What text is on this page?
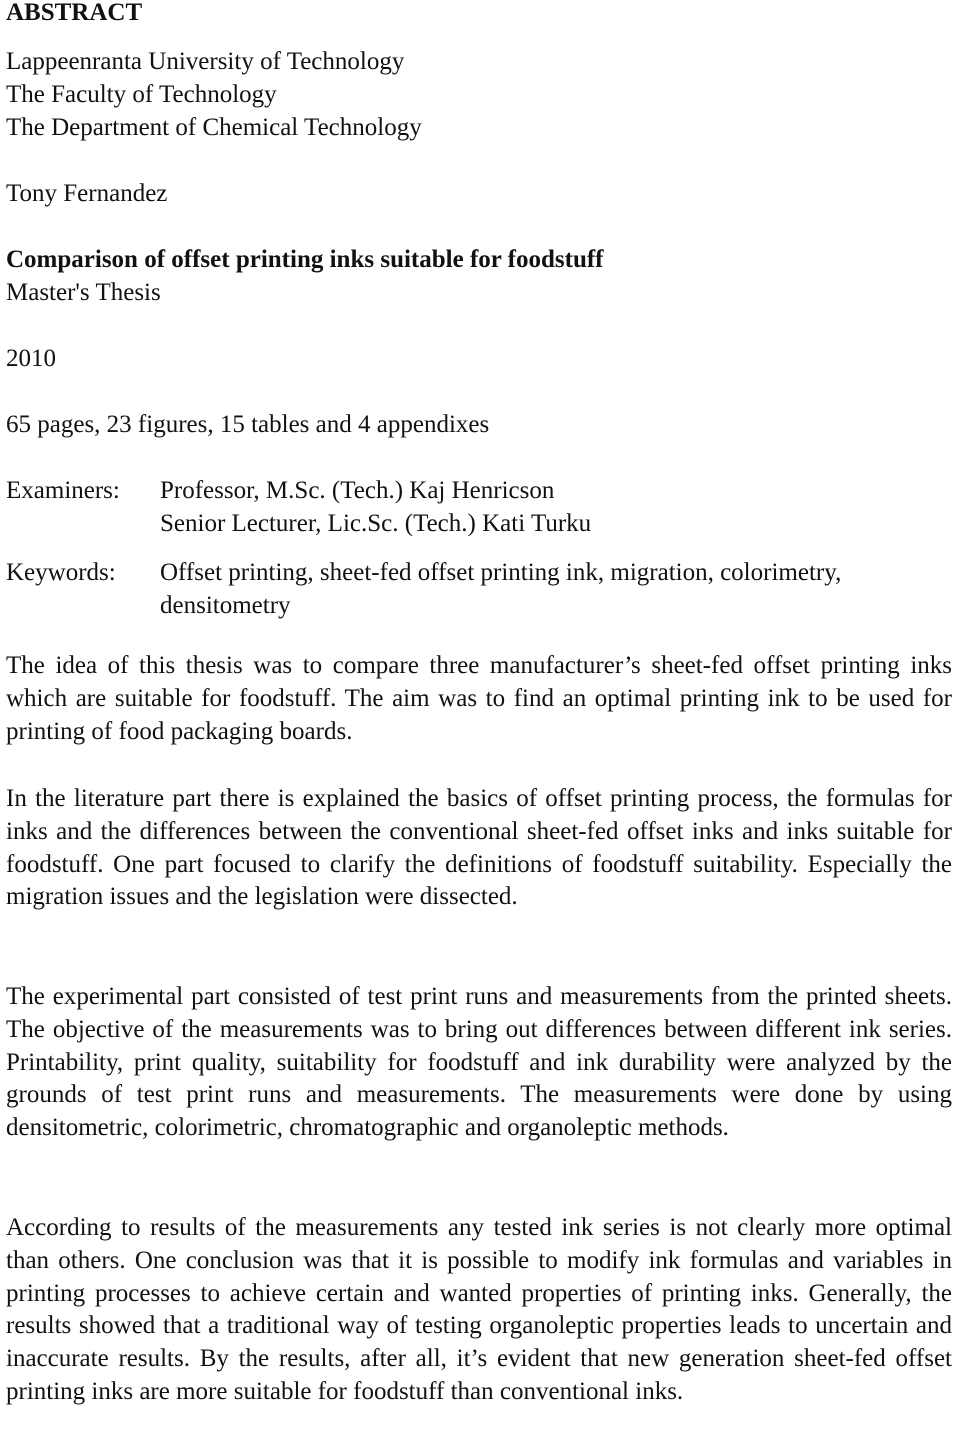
ABSTRACT
Lappeenranta University of Technology
The Faculty of Technology
The Department of Chemical Technology
Tony Fernandez
Comparison of offset printing inks suitable for foodstuff
Master's Thesis
2010
65 pages, 23 figures, 15 tables and 4 appendixes
Examiners:	Professor, M.Sc. (Tech.) Kaj Henricson
Senior Lecturer, Lic.Sc. (Tech.) Kati Turku
Keywords:	Offset printing, sheet-fed offset printing ink, migration, colorimetry, densitometry

The idea of this thesis was to compare three manufacturer’s sheet-fed offset printing inks which are suitable for foodstuff. The aim was to find an optimal printing ink to be used for printing of food packaging boards.

In the literature part there is explained the basics of offset printing process, the formulas for inks and the differences between the conventional sheet-fed offset inks and inks suitable for foodstuff. One part focused to clarify the definitions of foodstuff suitability. Especially the migration issues and the legislation were dissected.

The experimental part consisted of test print runs and measurements from the printed sheets. The objective of the measurements was to bring out differences between different ink series. Printability, print quality, suitability for foodstuff and ink durability were analyzed by the grounds of test print runs and measurements. The measurements were done by using densitometric, colorimetric, chromatographic and organoleptic methods.

According to results of the measurements any tested ink series is not clearly more optimal than others. One conclusion was that it is possible to modify ink formulas and variables in printing processes to achieve certain and wanted properties of printing inks. Generally, the results showed that a traditional way of testing organoleptic properties leads to uncertain and inaccurate results. By the results, after all, it’s evident that new generation sheet-fed offset printing inks are more suitable for foodstuff than conventional inks.
